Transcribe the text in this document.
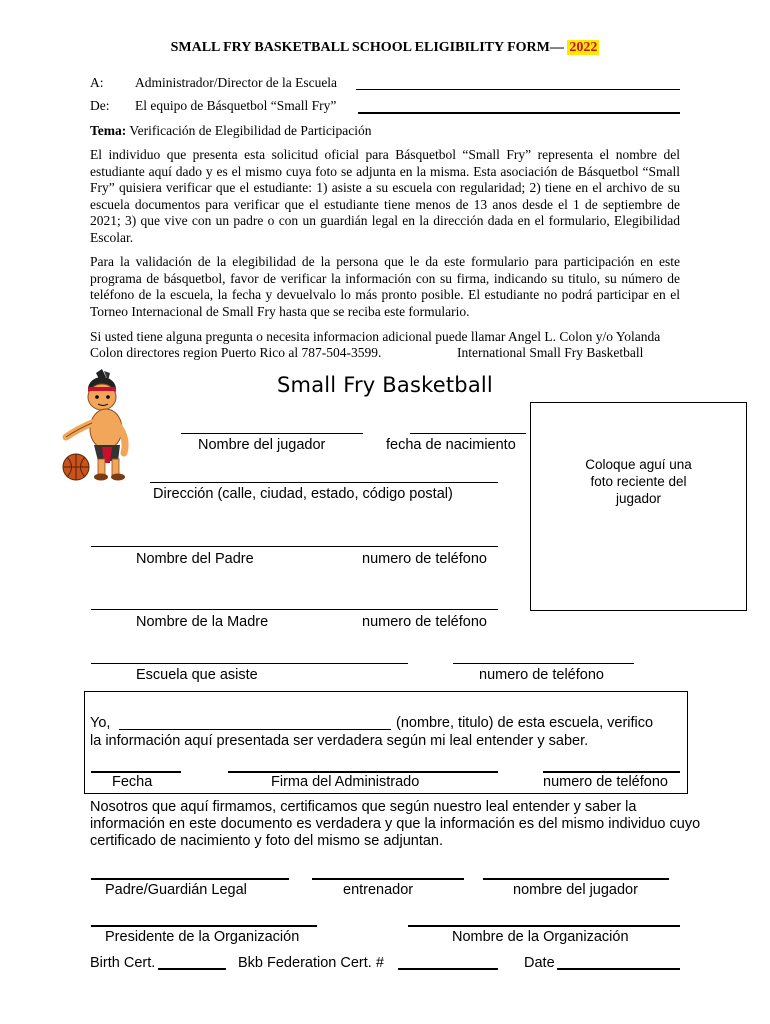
SMALL FRY BASKETBALL SCHOOL ELIGIBILITY FORM— 2022
A: Administrador/Director de la Escuela
De: El equipo de Básquetbol “Small Fry”
Tema: Verificación de Elegibilidad de Participación
El individuo que presenta esta solicitud oficial para Básquetbol “Small Fry” representa el nombre del estudiante aquí dado y es el mismo cuya foto se adjunta en la misma. Esta asociación de Básquetbol “Small Fry” quisiera verificar que el estudiante: 1) asiste a su escuela con regularidad; 2) tiene en el archivo de su escuela documentos para verificar que el estudiante tiene menos de 13 anos desde el 1 de septiembre de 2021; 3) que vive con un padre o con un guardián legal en la dirección dada en el formulario, Elegibilidad Escolar.
Para la validación de la elegibilidad de la persona que le da este formulario para participación en este programa de básquetbol, favor de verificar la información con su firma, indicando su titulo, su número de teléfono de la escuela, la fecha y devuelvalo lo más pronto posible. El estudiante no podrá participar en el Torneo Internacional de Small Fry hasta que se reciba este formulario.
Si usted tiene alguna pregunta o necesita informacion adicional puede llamar Angel L. Colon y/o Yolanda
Colon directores region Puerto Rico al 787-504-3599.	International Small Fry Basketball
Small Fry Basketball
Coloque aguí una
foto reciente del
jugador
Nombre del jugador	fecha de nacimiento
Dirección (calle, ciudad, estado, código postal)
Nombre del Padre	numero de teléfono
Nombre de la Madre	numero de teléfono
Escuela que asiste	numero de teléfono
Yo,	(nombre, titulo) de esta escuela, verifico
la información aquí presentada ser verdadera según mi leal entender y saber.
Fecha	Firma del Administrado	numero de teléfono
Nosotros que aquí firmamos, certificamos que según nuestro leal entender y saber la
información en este documento es verdadera y que la información es del mismo individuo cuyo
certificado de nacimiento y foto del mismo se adjuntan.
Padre/Guardián Legal	entrenador	nombre del jugador
Presidente de la Organización	Nombre de la Organización
Birth Cert.	Bkb Federation Cert. #	Date
